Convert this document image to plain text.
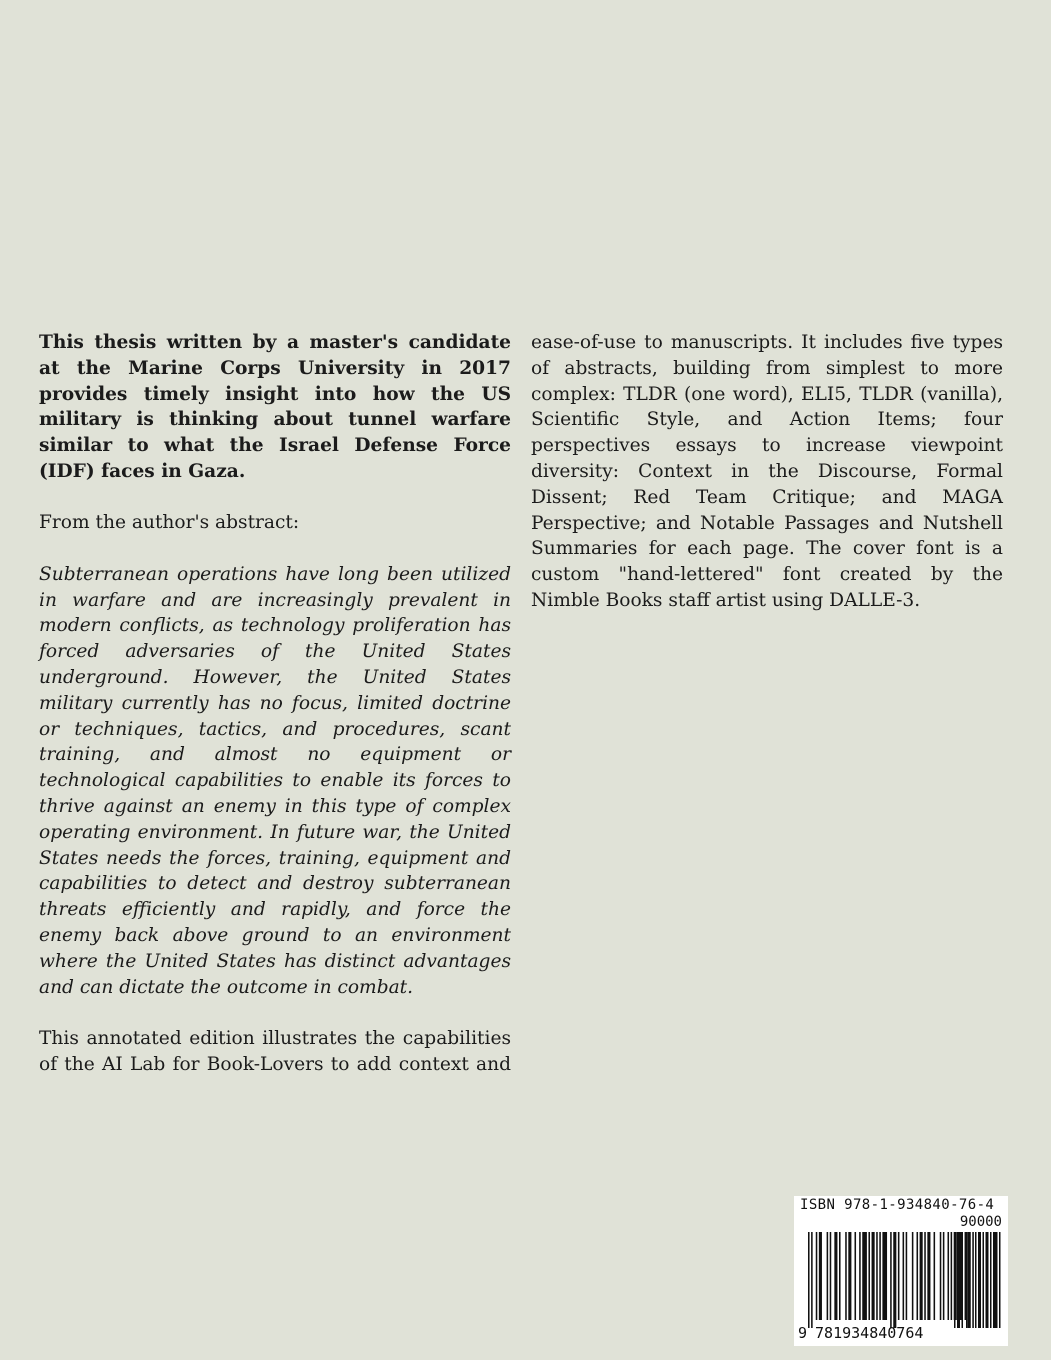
This thesis written by a master's candidate at the Marine Corps University in 2017 provides timely insight into how the US military is thinking about tunnel warfare similar to what the Israel Defense Force (IDF) faces in Gaza.

From the author's abstract:

Subterranean operations have long been utilized in warfare and are increasingly prevalent in modern conflicts, as technology proliferation has forced adversaries of the United States underground. However, the United States military currently has no focus, limited doctrine or techniques, tactics, and procedures, scant training, and almost no equipment or technological capabilities to enable its forces to thrive against an enemy in this type of complex operating environment. In future war, the United States needs the forces, training, equipment and capabilities to detect and destroy subterranean threats efficiently and rapidly, and force the enemy back above ground to an environment where the United States has distinct advantages and can dictate the outcome in combat.

This annotated edition illustrates the capabilities of the AI Lab for Book-Lovers to add context and

ease-of-use to manuscripts. It includes five types of abstracts, building from simplest to more complex: TLDR (one word), ELI5, TLDR (vanilla), Scientific Style, and Action Items; four perspectives essays to increase viewpoint diversity: Context in the Discourse, Formal Dissent; Red Team Critique; and MAGA Perspective; and Notable Passages and Nutshell Summaries for each page. The cover font is a custom "hand-lettered" font created by the Nimble Books staff artist using DALLE-3.

ISBN 978-1-934840-76-4
90000
9 781934840764
